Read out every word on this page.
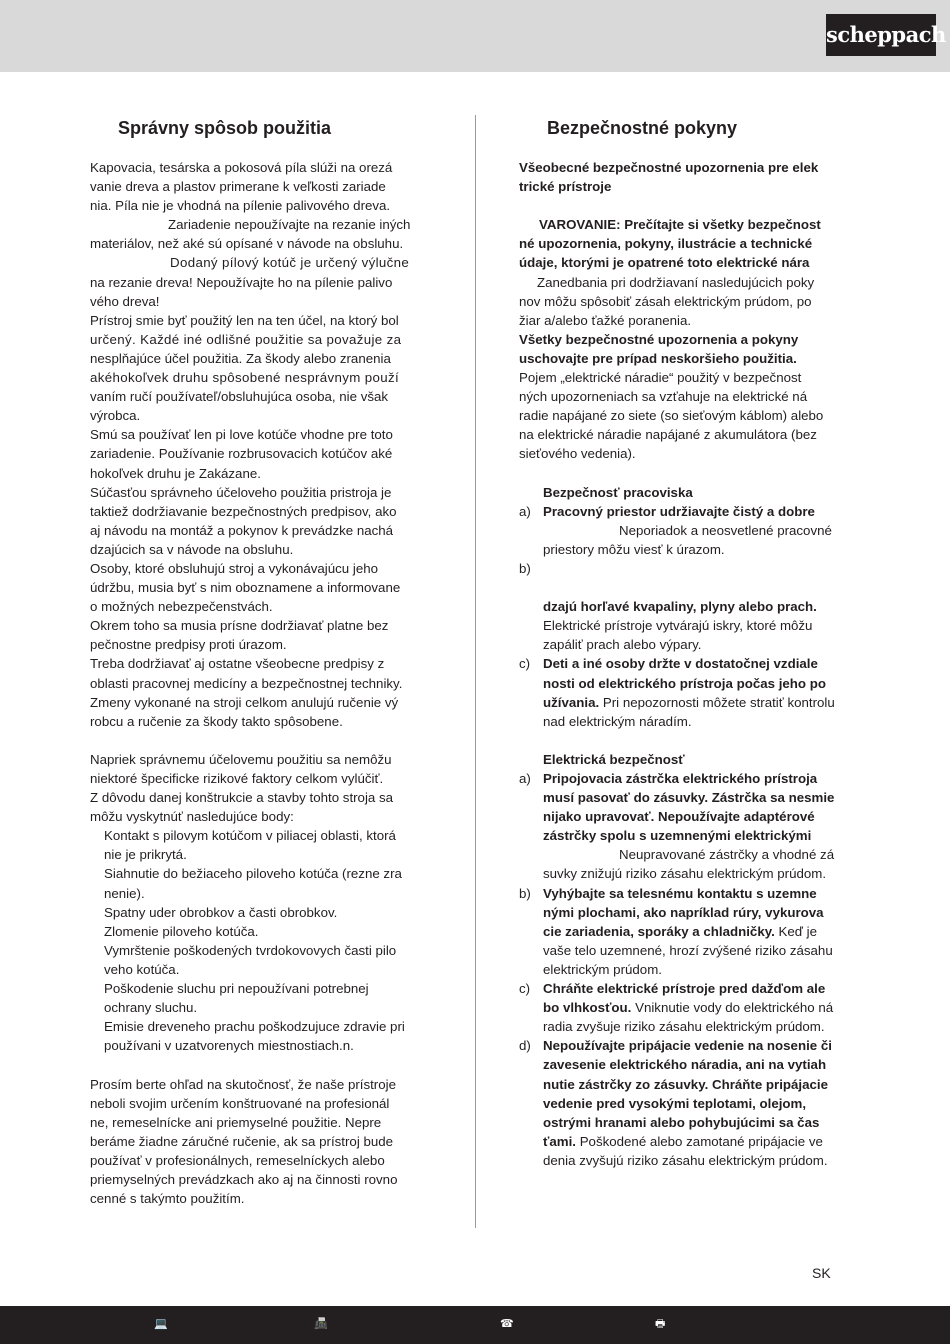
scheppach
Správny spôsob použitia	Bezpečnostné pokyny

Kapovacia, tesárska a pokosová píla slúži na orezá

vanie dreva a plastov primerane k veľkosti zariade

nia. Píla nie je vhodná na pílenie palivového dreva.

Zariadenie nepoužívajte na rezanie iných

materiálov, než aké sú opísané v návode na obsluhu.

Dodaný pílový kotúč je určený výlučne

na rezanie dreva! Nepoužívajte ho na pílenie palivo

vého dreva!

Prístroj smie byť použitý len na ten účel, na ktorý bol

určený. Každé iné odlišné použitie sa považuje za

nesplňajúce účel použitia. Za škody alebo zranenia

akéhokoľvek druhu spôsobené nesprávnym použí

vaním ručí používateľ/obsluhujúca osoba, nie však

výrobca.

Smú sa používať len pi love kotúče vhodne pre toto

zariadenie. Používanie rozbrusovacich kotúčov aké

hokoľvek druhu je Zakázane.

Súčasťou správneho účeloveho použitia pristroja je

taktiež dodržiavanie bezpečnostných predpisov, ako

aj návodu na montáž a pokynov k prevádzke nachá

dzajúcich sa v návode na obsluhu.

Osoby, ktoré obsluhujú stroj a vykonávajúcu jeho

údržbu, musia byť s nim oboznamene a informovane

o možných nebezpečenstvách.

Okrem toho sa musia prísne dodržiavať platne bez

pečnostne predpisy proti úrazom.

Treba dodržiavať aj ostatne všeobecne predpisy z

oblasti pracovnej medicíny a bezpečnostnej techniky.

Zmeny vykonané na stroji celkom anulujú ručenie vý

robcu a ručenie za škody takto spôsobene.

Napriek správnemu účelovemu použitiu sa nemôžu

niektoré špecificke rizikové faktory celkom vylúčiť.

Z dôvodu danej konštrukcie a stavby tohto stroja sa

môžu vyskytnúť nasledujúce body:

Kontakt s pilovym kotúčom v piliacej oblasti, ktorá

nie je prikrytá.

Siahnutie do bežiaceho piloveho kotúča (rezne zra

nenie).

Spatny uder obrobkov a časti obrobkov.

Zlomenie piloveho kotúča.

Vymrštenie poškodených tvrdokovovych časti pilo

veho kotúča.

Poškodenie sluchu pri nepoužívani potrebnej

ochrany sluchu.

Emisie dreveneho prachu poškodzujuce zdravie pri

používani v uzatvorenych miestnostiach.n.

Prosím berte ohľad na skutočnosť, že naše prístroje

neboli svojim určením konštruované na profesionál

ne, remeselnícke ani priemyselné použitie. Nepre

beráme žiadne záručné ručenie, ak sa prístroj bude

používať v profesionálnych, remeselníckych alebo

priemyselných prevádzkach ako aj na činnosti rovno

cenné s takýmto použitím.

Všeobecné bezpečnostné upozornenia pre elek

trické prístroje

VAROVANIE: Prečítajte si všetky bezpečnost

né upozornenia, pokyny, ilustrácie a technické

údaje, ktorými je opatrené toto elektrické nára

Zanedbania pri dodržiavaní nasledujúcich poky

nov môžu spôsobiť zásah elektrickým prúdom, po

žiar a/alebo ťažké poranenia.

Všetky bezpečnostné upozornenia a pokyny

uschovajte pre prípad neskoršieho použitia.

Pojem „elektrické náradie“ použitý v bezpečnost

ných upozorneniach sa vzťahuje na elektrické ná

radie napájané zo siete (so sieťovým káblom) alebo

na elektrické náradie napájané z akumulátora (bez

sieťového vedenia).

Bezpečnosť pracoviska

a) Pracovný priestor udržiavajte čistý a dobre

Neporiadok a neosvetlené pracovné

priestory môžu viesť k úrazom.

b)

dzajú horľavé kvapaliny, plyny alebo prach.

Elektrické prístroje vytvárajú iskry, ktoré môžu

zapáliť prach alebo výpary.

c) Deti a iné osoby držte v dostatočnej vzdiale

nosti od elektrického prístroja počas jeho po

užívania. Pri nepozornosti môžete stratiť kontrolu

nad elektrickým náradím.

Elektrická bezpečnosť

a) Pripojovacia zástrčka elektrického prístroja

musí pasovať do zásuvky. Zástrčka sa nesmie

nijako upravovať. Nepoužívajte adaptérové

zástrčky spolu s uzemnenými elektrickými

Neupravované zástrčky a vhodné zá

suvky znižujú riziko zásahu elektrickým prúdom.

b) Vyhýbajte sa telesnému kontaktu s uzemne

nými plochami, ako napríklad rúry, vykurova

cie zariadenia, sporáky a chladničky. Keď je

vaše telo uzemnené, hrozí zvýšené riziko zásahu

elektrickým prúdom.

c) Chráňte elektrické prístroje pred dažďom ale

bo vlhkosťou. Vniknutie vody do elektrického ná

radia zvyšuje riziko zásahu elektrickým prúdom.

d) Nepoužívajte pripájacie vedenie na nosenie či

zavesenie elektrického náradia, ani na vytiah

nutie zástrčky zo zásuvky. Chráňte pripájacie

vedenie pred vysokými teplotami, olejom,

ostrými hranami alebo pohybujúcimi sa čas

ťami. Poškodené alebo zamotané pripájacie ve

denia zvyšujú riziko zásahu elektrickým prúdom.

SK
💻	📠	☎	🖶
